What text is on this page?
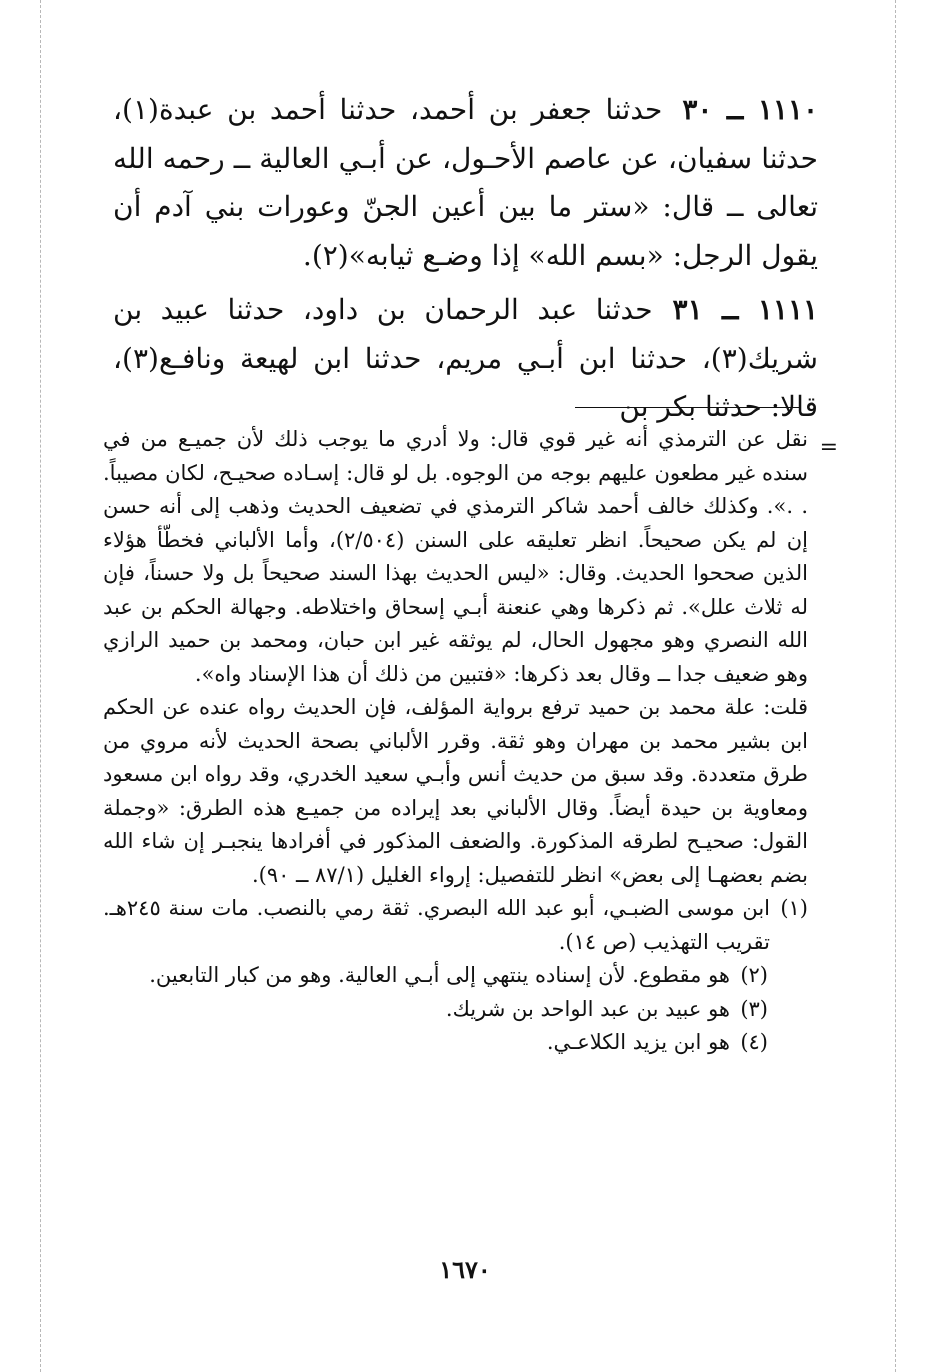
١١١٠ ــ ٣٠حدثنا جعفر بن أحمد، حدثنا أحمد بن عبدة(١)، حدثنا سفيان، عن عاصم الأحـول، عن أبـي العالية ــ رحمه الله تعالى ــ قال: «ستر ما بين أعين الجنّ وعورات بني آدم أن يقول الرجل: «بسم الله» إذا وضـع ثيابه»(٢).

١١١١ ــ ٣١حدثنا عبد الرحمان بن داود، حدثنا عبيد بن شريك(٣)، حدثنا ابن أبـي مريم، حدثنا ابن لهيعة ونافـع(٣)، قالا: حدثنا بكر بن

=

نقل عن الترمذي أنه غير قوي قال: ولا أدري ما يوجب ذلك لأن جميـع من في سنده غير مطعون عليهم بوجه من الوجوه. بل لو قال: إسـاده صحيـح، لكان مصيباً. . .». وكذلك خالف أحمد شاكر الترمذي في تضعيف الحديث وذهب إلى أنه حسن إن لم يكن صحيحاً. انظر تعليقه على السنن (٢/٥٠٤)، وأما الألباني فخطّأ هؤلاء الذين صححوا الحديث. وقال: «ليس الحديث بهذا السند صحيحاً بل ولا حسناً، فإن له ثلاث علل». ثم ذكرها وهي عنعنة أبـي إسحاق واختلاطه. وجهالة الحكم بن عبد الله النصري وهو مجهول الحال، لم يوثقه غير ابن حبان، ومحمد بن حميد الرازي وهو ضعيف جدا ــ وقال بعد ذكرها: «فتبين من ذلك أن هذا الإسناد واه».

قلت: علة محمد بن حميد ترفع برواية المؤلف، فإن الحديث رواه عنده عن الحكم ابن بشير محمد بن مهران وهو ثقة. وقرر الألباني بصحة الحديث لأنه مروي من طرق متعددة. وقد سبق من حديث أنس وأبـي سعيد الخدري، وقد رواه ابن مسعود ومعاوية بن حيدة أيضاً. وقال الألباني بعد إيراده من جميـع هذه الطرق: «وجملة القول: صحيـح لطرقه المذكورة. والضعف المذكور في أفرادها ينجبـر إن شاء الله بضم بعضهـا إلى بعض» انظر للتفصيل: إرواء الغليل (٨٧/١ ــ ٩٠).

(١)
ابن موسى الضبـي، أبو عبد الله البصري. ثقة رمي بالنصب. مات سنة ٢٤٥هـ. تقريب التهذيب (ص ١٤).
(٢)
هو مقطوع. لأن إسناده ينتهي إلى أبـي العالية. وهو من كبار التابعين.
(٣)
هو عبيد بن عبد الواحد بن شريك.
(٤)
هو ابن يزيد الكلاعـي.
١٦٧٠
